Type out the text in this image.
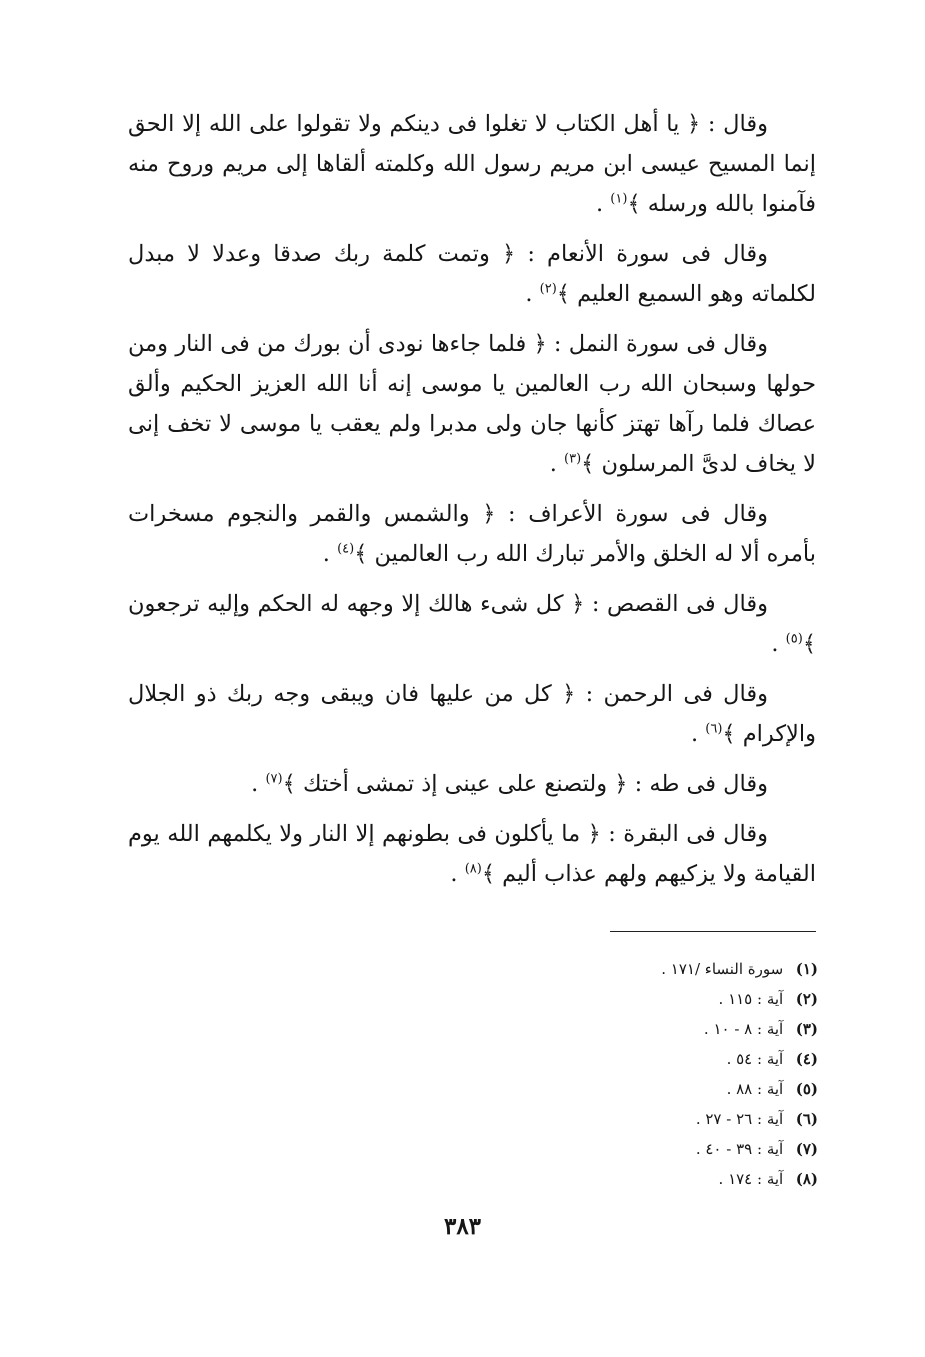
وقال : ﴿ يا أهل الكتاب لا تغلوا فى دينكم ولا تقولوا على الله إلا الحق إنما المسيح عيسى ابن مريم رسول الله وكلمته ألقاها إلى مريم وروح منه فآمنوا بالله ورسله ﴾$^{(١)}$ .

وقال فى سورة الأنعام : ﴿ وتمت كلمة ربك صدقا وعدلا لا مبدل لكلماته وهو السميع العليم ﴾$^{(٢)}$ .

وقال فى سورة النمل : ﴿ فلما جاءها نودى أن بورك من فى النار ومن حولها وسبحان الله رب العالمين يا موسى إنه أنا الله العزيز الحكيم وألق عصاك فلما رآها تهتز كأنها جان ولى مدبرا ولم يعقب يا موسى لا تخف إنى لا يخاف لدىَّ المرسلون ﴾$^{(٣)}$ .

وقال فى سورة الأعراف : ﴿ والشمس والقمر والنجوم مسخرات بأمره ألا له الخلق والأمر تبارك الله رب العالمين ﴾$^{(٤)}$ .

وقال فى القصص : ﴿ كل شىء هالك إلا وجهه له الحكم وإليه ترجعون ﴾$^{(٥)}$ .

وقال فى الرحمن : ﴿ كل من عليها فان ويبقى وجه ربك ذو الجلال والإكرام ﴾$^{(٦)}$ .

وقال فى طه : ﴿ ولتصنع على عينى إذ تمشى أختك ﴾$^{(٧)}$ .

وقال فى البقرة : ﴿ ما يأكلون فى بطونهم إلا النار ولا يكلمهم الله يوم القيامة ولا يزكيهم ولهم عذاب أليم ﴾$^{(٨)}$ .

(١) سورة النساء /١٧١ .
(٢) آية : ١١٥ .
(٣) آية : ٨ - ١٠ .
(٤) آية : ٥٤ .
(٥) آية : ٨٨ .
(٦) آية : ٢٦ - ٢٧ .
(٧) آية : ٣٩ - ٤٠ .
(٨) آية : ١٧٤ .
٣٨٣
